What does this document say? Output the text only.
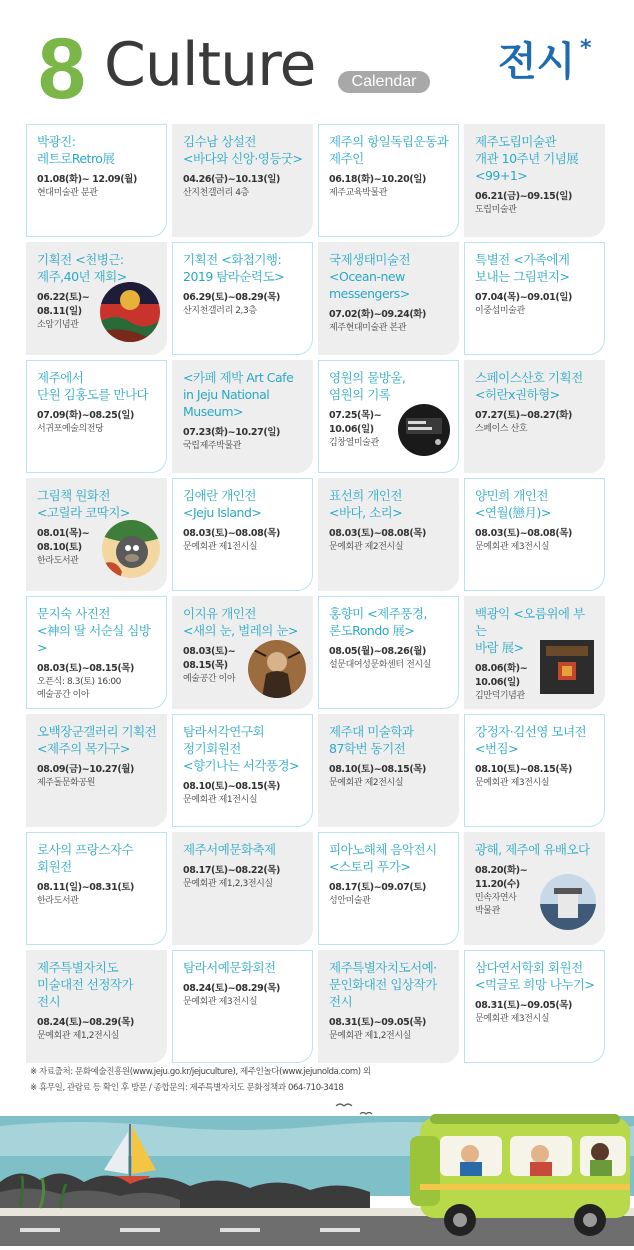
8 Culture	Calendar	전시 *
박광진:
레트로Retro展
01.08(화)~ 12.09(월)
현대미술관 분관
김수남 상설전
<바다와 신앙·영등굿>
04.26(금)~10.13(일)
산지천갤러리 4층
제주의 항일독립운동과
제주인
06.18(화)~10.20(일)
제주교육박물관
제주도립미술관
개관 10주년 기념展
<99+1>
06.21(금)~09.15(일)
도립미술관
기획전 <천병근:
제주,40년 재회>
06.22(토)~
08.11(일)
소암기념관
기획전 <화첩기행:
2019 탐라순력도>
06.29(토)~08.29(목)
산지천갤러리 2,3층
국제생태미술전
<Ocean-new
messengers>
07.02(화)~09.24(화)
제주현대미술관 본관
특별전 <가족에게
보내는 그림편지>
07.04(목)~09.01(일)
이중섭미술관
제주에서
단원 김홍도를 만나다
07.09(화)~08.25(일)
서귀포예술의전당
<카페 제박 Art Cafe
in Jeju National
Museum>
07.23(화)~10.27(일)
국립제주박물관
영원의 물방울,
염원의 기록
07.25(목)~
10.06(일)
김창열미술관
스페이스산호 기획전
<허란x권하형>
07.27(토)~08.27(화)
스페이스 산호
그림책 원화전
<고릴라 코딱지>
08.01(목)~
08.10(토)
한라도서관
김애란 개인전
<Jeju Island>
08.03(토)~08.08(목)
문예회관 제1전시실
표선희 개인전
<바다, 소리>
08.03(토)~08.08(목)
문예회관 제2전시실
양민희 개인전
<연월(戀月)>
08.03(토)~08.08(목)
문예회관 제3전시실
문지숙 사진전
<神의 딸 서순실 심방>
08.03(토)~08.15(목)
오픈식: 8.3(토) 16:00
예술공간 이아
이지유 개인전
<새의 눈, 벌레의 눈>
08.03(토)~
08.15(목)
예술공간 이아
홍향미 <제주풍경,
론도Rondo 展>
08.05(월)~08.26(월)
설문대여성문화센터 전시실
백광익 <오름위에 부는
바람 展>
08.06(화)~
10.06(일)
김만덕기념관
오백장군갤러리 기획전
<제주의 목가구>
08.09(금)~10.27(월)
제주돌문화공원
탐라서각연구회
정기회원전
<향기나는 서각풍경>
08.10(토)~08.15(목)
문예회관 제1전시실
제주대 미술학과
87학번 동기전
08.10(토)~08.15(목)
문예회관 제2전시실
강정자·김선영 모녀전
<번짐>
08.10(토)~08.15(목)
문예회관 제3전시실
로사의 프랑스자수
회원전
08.11(일)~08.31(토)
한라도서관
제주서예문화축제
08.17(토)~08.22(목)
문예회관 제1,2,3전시실
피아노해체 음악전시
<스토리 푸가>
08.17(토)~09.07(토)
성안미술관
광해, 제주에 유배오다
08.20(화)~
11.20(수)
민속자연사
박물관
제주특별자치도
미술대전 선정작가
전시
08.24(토)~08.29(목)
문예회관 제1,2전시실
탐라서예문화회전
08.24(토)~08.29(목)
문예회관 제3전시실
제주특별자치도서예·
문인화대전 입상작가
전시
08.31(토)~09.05(목)
문예회관 제1,2전시실
삼다연서학회 회원전
<먹글로 희망 나누기>
08.31(토)~09.05(목)
문예회관 제3전시실
※ 자료출처: 문화예술진흥원(www.jeju.go.kr/jejuculture), 제주인놀다(www.jejunolda.com) 외
※ 휴무일, 관람료 등 확인 후 방문 / 종합문의: 제주특별자치도 문화정책과 064-710-3418
